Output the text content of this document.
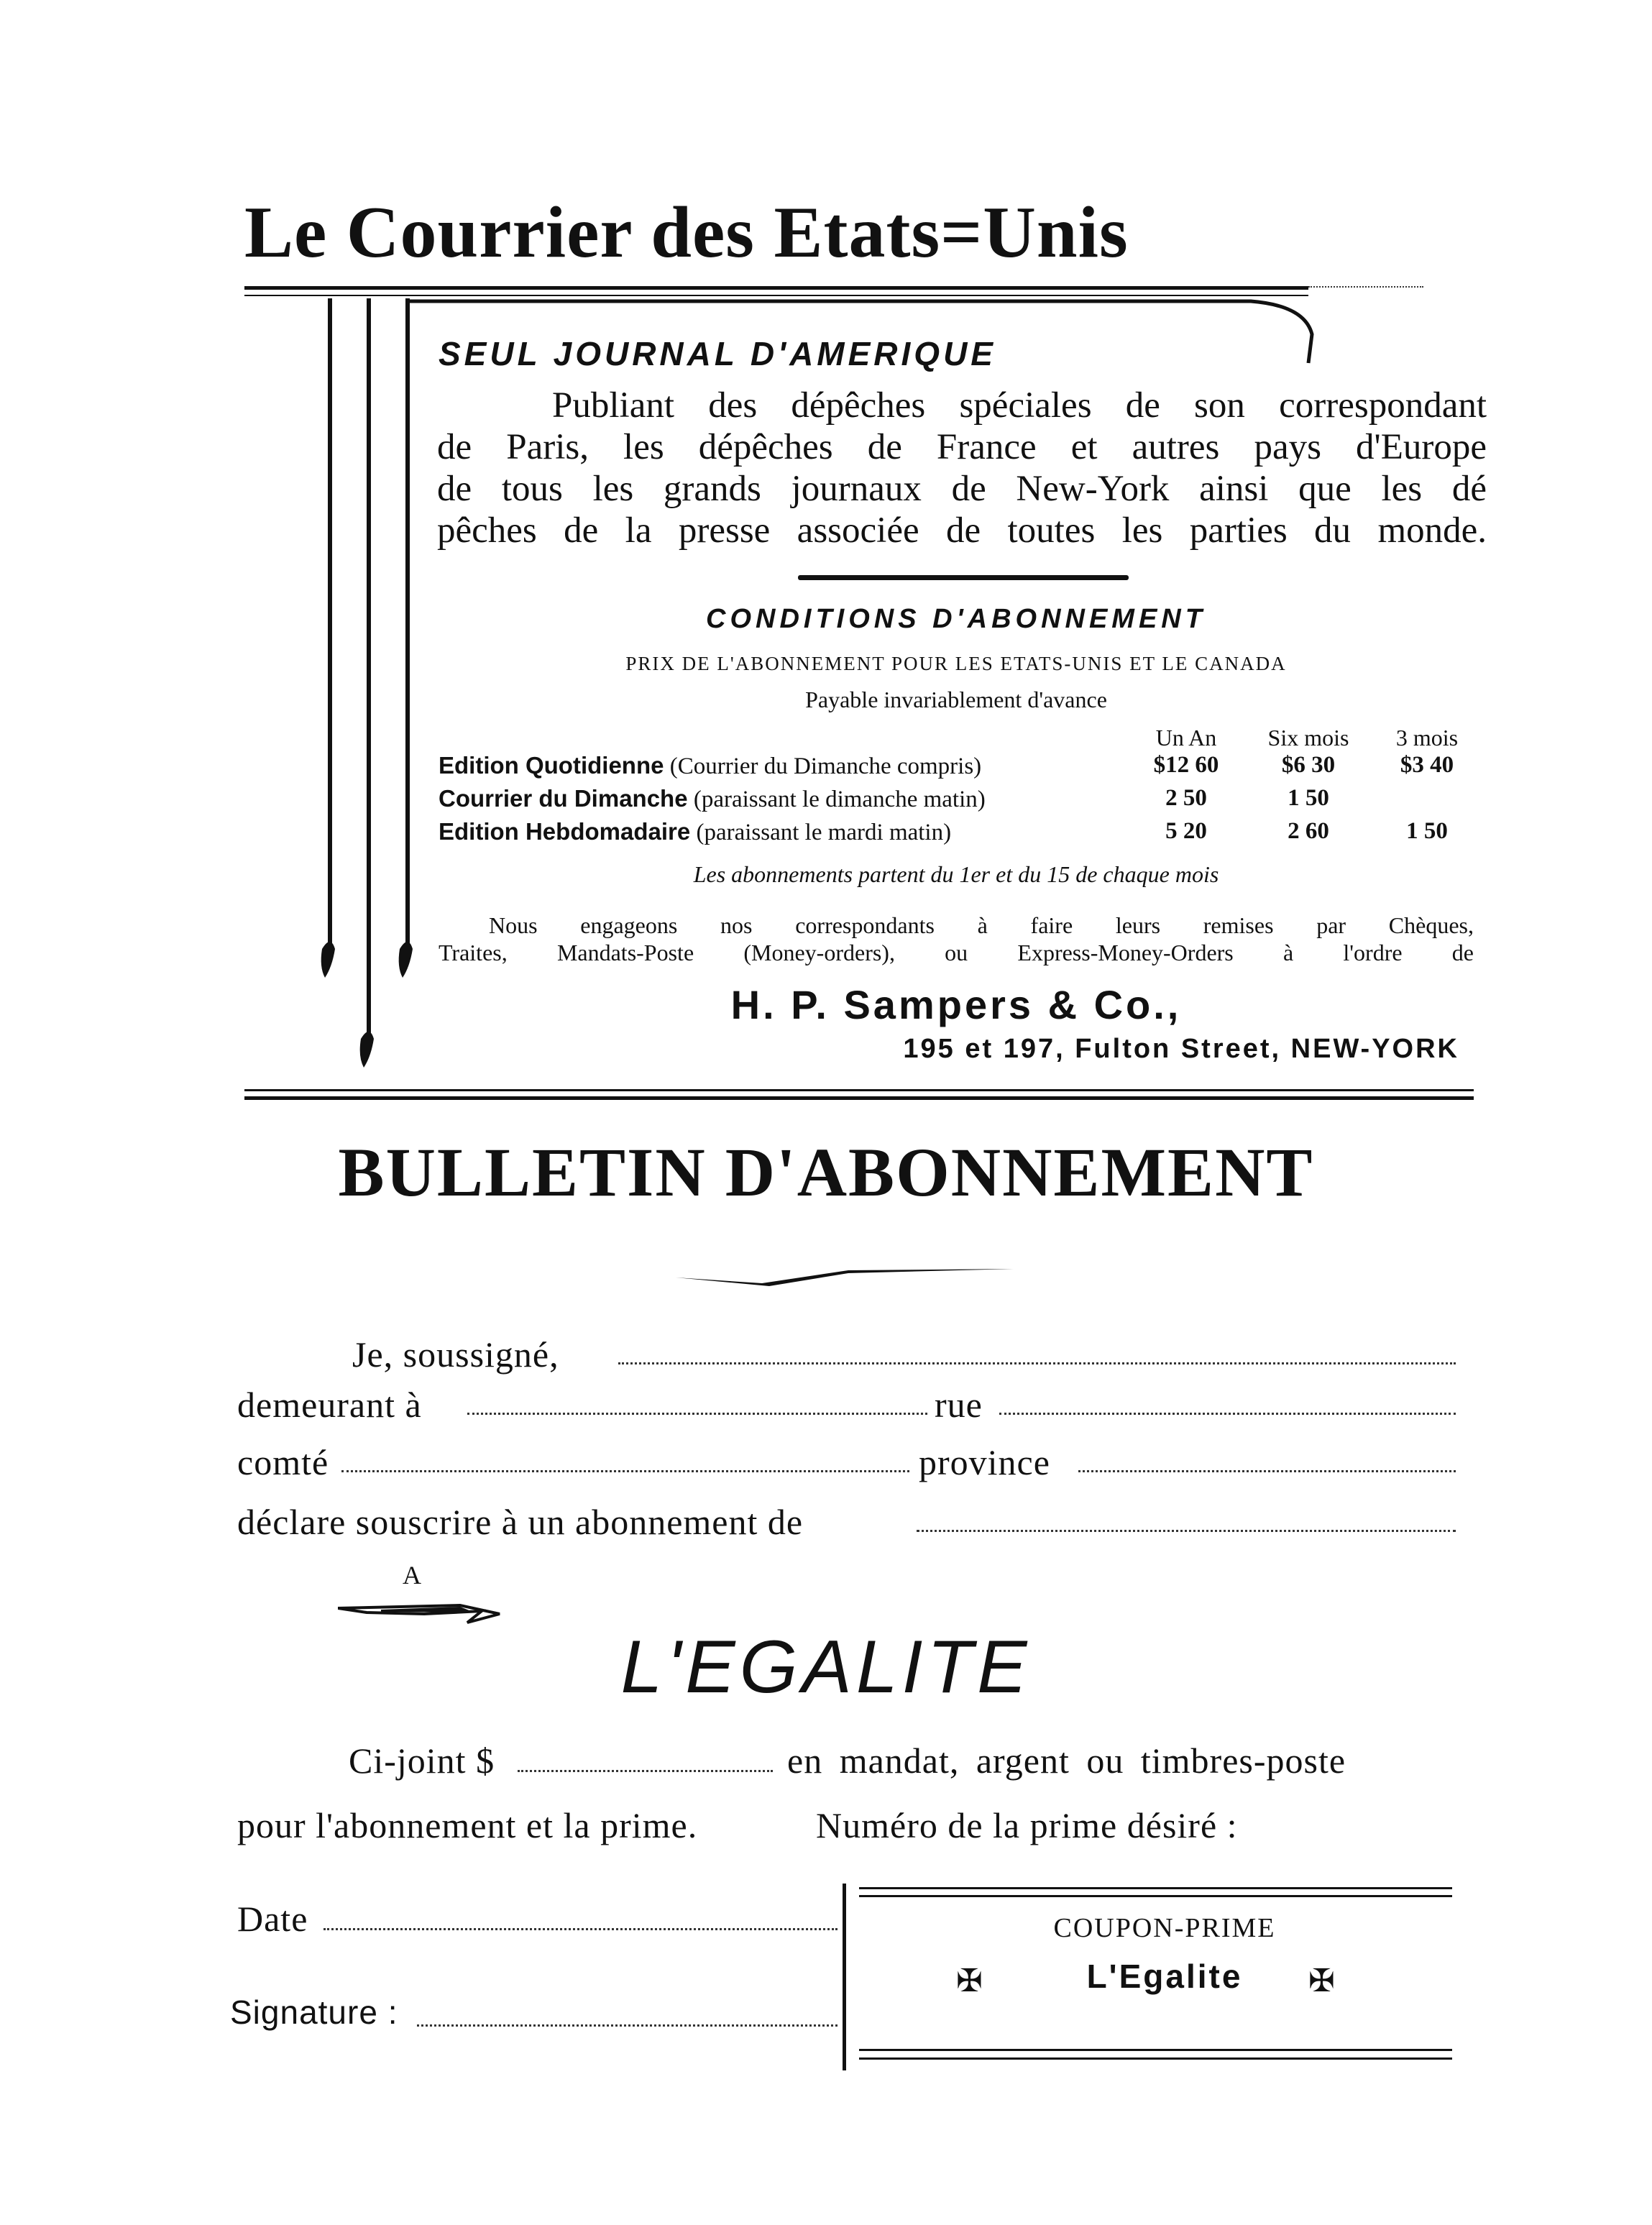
Le Courrier des Etats=Unis
SEUL JOURNAL D'AMERIQUE
Publiant des dépêches spéciales de son correspondant
de Paris, les dépêches de France et autres pays d'Europe
de tous les grands journaux de New-York ainsi que les dé
pêches de la presse associée de toutes les parties du monde.
CONDITIONS D'ABONNEMENT
PRIX DE L'ABONNEMENT POUR LES ETATS-UNIS ET LE CANADA
Payable invariablement d'avance
Un An	Six mois	3 mois
Edition Quotidienne (Courrier du Dimanche compris)	$12 60	$6 30	$3 40
Courrier du Dimanche (paraissant le dimanche matin)	2 50	1 50
Edition Hebdomadaire (paraissant le mardi matin)	5 20	2 60	1 50
Les abonnements partent du 1er et du 15 de chaque mois
Nous engageons nos correspondants à faire leurs remises par Chèques,
Traites, Mandats-Poste (Money-orders), ou Express-Money-Orders à l'ordre de
H. P. Sampers & Co.,
195 et 197, Fulton Street, NEW-YORK
BULLETIN D'ABONNEMENT
Je, soussigné,
demeurant à	rue
comté	province
déclare souscrire à un abonnement de
A
L'EGALITE
Ci-joint $	en mandat, argent ou timbres-poste
pour l'abonnement et la prime.	Numéro de la prime désiré :
Date
Signature :
COUPON-PRIME
L'Egalite
✠	✠
